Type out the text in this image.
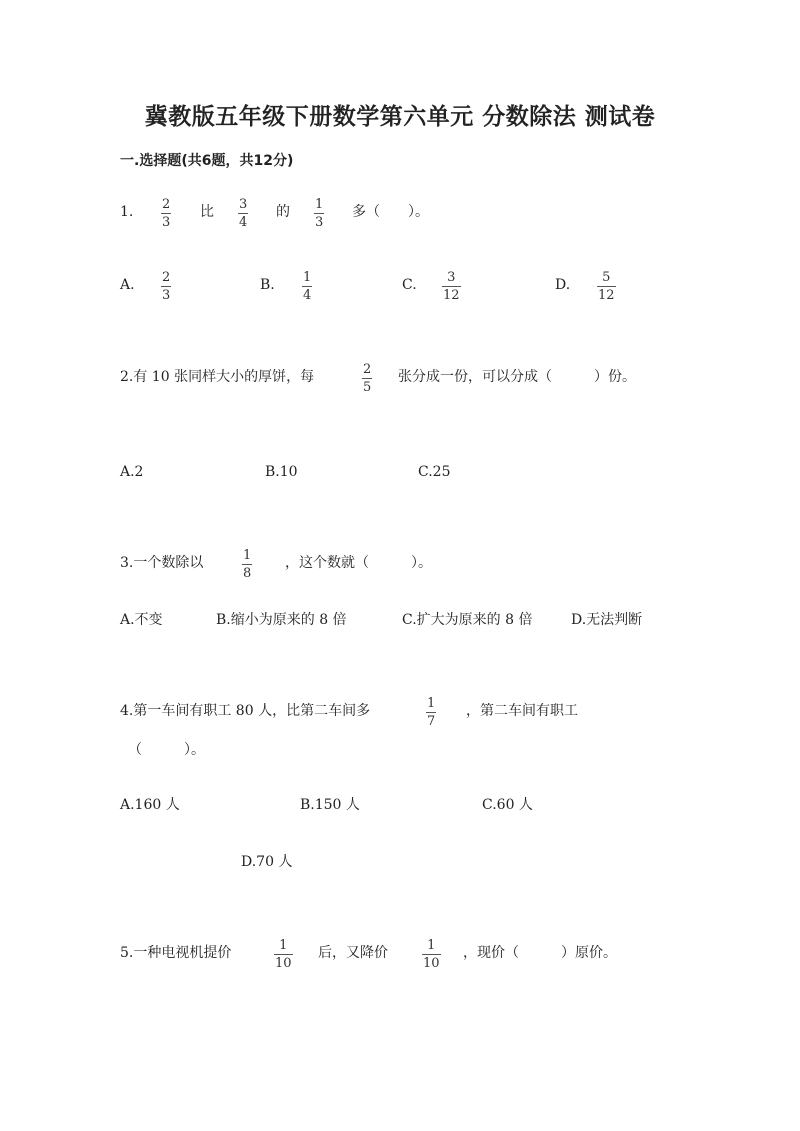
冀教版五年级下册数学第六单元 分数除法 测试卷
一.选择题(共6题，共12分)
1. 2
3
比 3
4
的 1
3
多（　　）。
A. 2
3
B. 1
4
C. 3
12
D. 5
12
2.有 10 张同样大小的厚饼，每	2
5
张分成一份，可以分成（　　　）份。
A.2	B.10	C.25
3.一个数除以	1
8
，这个数就（　　　）。
A.不变	B.缩小为原来的 8 倍	C.扩大为原来的 8 倍	D.无法判断
4.第一车间有职工 80 人，比第二车间多	1
7
，第二车间有职工
（　　　）。
A.160 人	B.150 人	C.60 人
D.70 人
5.一种电视机提价	1
10
后，又降价	1
10
，现价（　　　）原价。
